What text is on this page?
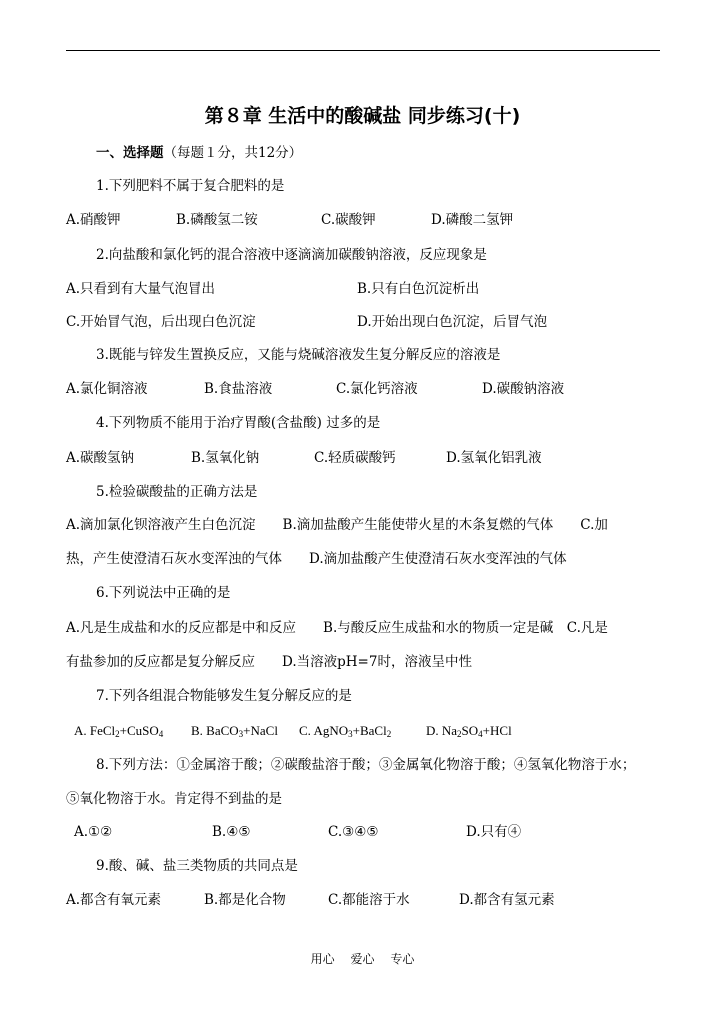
第８章 生活中的酸碱盐 同步练习(十)
一、选择题（每题１分，共12分）
1.下列肥料不属于复合肥料的是
A.硝酸钾	B.磷酸氢二铵	C.碳酸钾	D.磷酸二氢钾
2.向盐酸和氯化钙的混合溶液中逐滴滴加碳酸钠溶液，反应现象是
A.只看到有大量气泡冒出	B.只有白色沉淀析出
C.开始冒气泡，后出现白色沉淀	D.开始出现白色沉淀，后冒气泡
3.既能与锌发生置换反应，又能与烧碱溶液发生复分解反应的溶液是
A.氯化铜溶液	B.食盐溶液	C.氯化钙溶液	D.碳酸钠溶液
4.下列物质不能用于治疗胃酸(含盐酸) 过多的是
A.碳酸氢钠	B.氢氧化钠	C.轻质碳酸钙	D.氢氧化铝乳液
5.检验碳酸盐的正确方法是
A.滴加氯化钡溶液产生白色沉淀　　B.滴加盐酸产生能使带火星的木条复燃的气体　　C.加
热，产生使澄清石灰水变浑浊的气体　　D.滴加盐酸产生使澄清石灰水变浑浊的气体
6.下列说法中正确的是
A.凡是生成盐和水的反应都是中和反应　　B.与酸反应生成盐和水的物质一定是碱　C.凡是
有盐参加的反应都是复分解反应　　D.当溶液pH=7时，溶液呈中性
7.下列各组混合物能够发生复分解反应的是
A. FeCl$_2$+CuSO$_4$ B. BaCO$_3$+NaCl C. AgNO$_3$+BaCl$_2$	D. $Na_2SO_4+HCl$
8.下列方法：①金属溶于酸；②碳酸盐溶于酸；③金属氧化物溶于酸；④氢氧化物溶于水；
⑤氧化物溶于水。肯定得不到盐的是
A.①②	B.④⑤	C.③④⑤	D.只有④
9.酸、碱、盐三类物质的共同点是
A.都含有氧元素	B.都是化合物	C.都能溶于水	D.都含有氢元素
用心 爱心 专心
